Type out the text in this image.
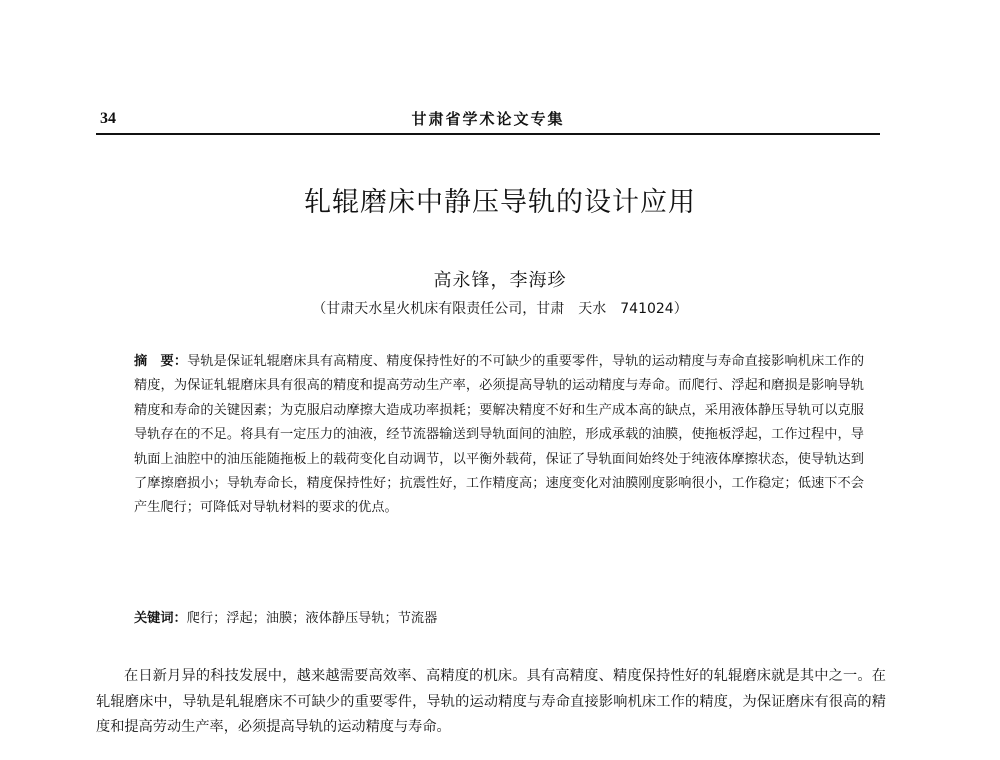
34	甘肃省学术论文专集
轧辊磨床中静压导轨的设计应用
高永锋，李海珍
（甘肃天水星火机床有限责任公司，甘肃　天水　741024）

摘　要：导轨是保证轧辊磨床具有高精度、精度保持性好的不可缺少的重要零件，导轨的运动精度与寿命直接影响机床工作的精度，为保证轧辊磨床具有很高的精度和提高劳动生产率，必须提高导轨的运动精度与寿命。而爬行、浮起和磨损是影响导轨精度和寿命的关键因素；为克服启动摩擦大造成功率损耗；要解决精度不好和生产成本高的缺点，采用液体静压导轨可以克服导轨存在的不足。将具有一定压力的油液，经节流器输送到导轨面间的油腔，形成承载的油膜，使拖板浮起，工作过程中，导轨面上油腔中的油压能随拖板上的载荷变化自动调节，以平衡外载荷，保证了导轨面间始终处于纯液体摩擦状态，使导轨达到了摩擦磨损小；导轨寿命长，精度保持性好；抗震性好，工作精度高；速度变化对油膜刚度影响很小，工作稳定；低速下不会产生爬行；可降低对导轨材料的要求的优点。

关键词：爬行；浮起；油膜；液体静压导轨；节流器

在日新月异的科技发展中，越来越需要高效率、高精度的机床。具有高精度、精度保持性好的轧辊磨床就是其中之一。在轧辊磨床中，导轨是轧辊磨床不可缺少的重要零件，导轨的运动精度与寿命直接影响机床工作的精度，为保证磨床有很高的精度和提高劳动生产率，必须提高导轨的运动精度与寿命。
